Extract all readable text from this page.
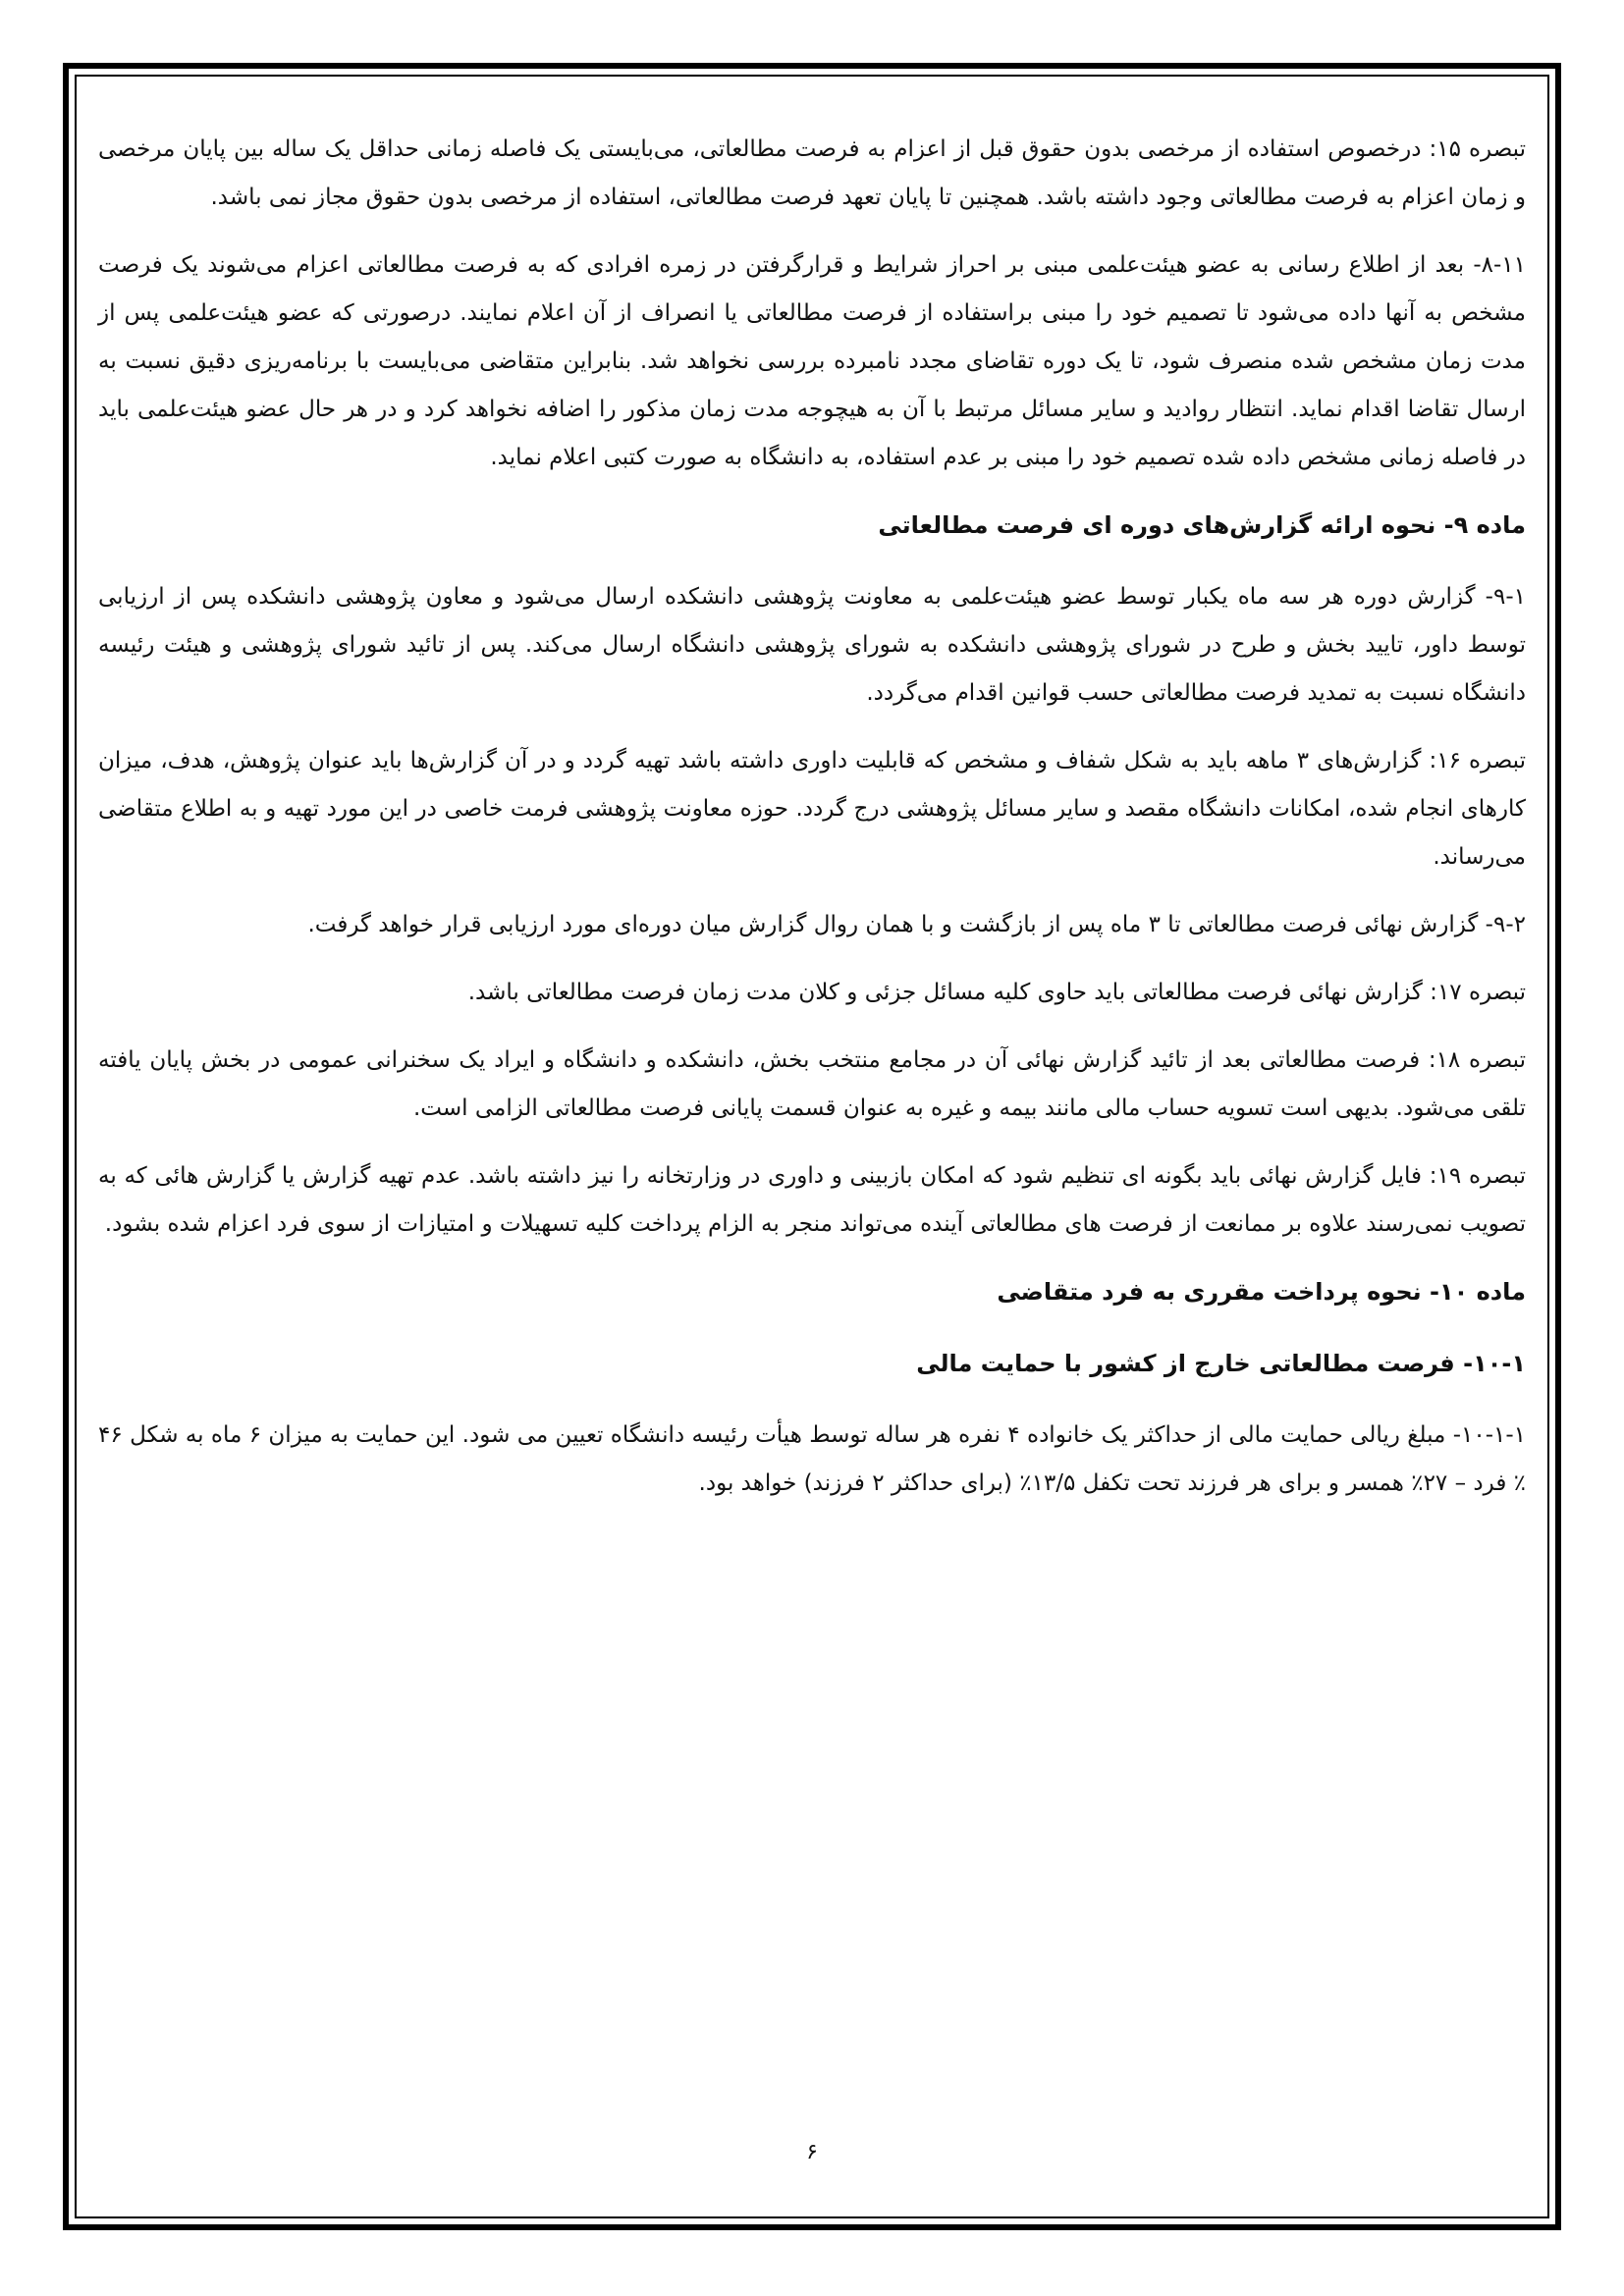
تبصره ۱۵: درخصوص استفاده از مرخصی بدون حقوق قبل از اعزام به فرصت مطالعاتی، می‌بایستی یک فاصله زمانی حداقل یک ساله بین پایان مرخصی و زمان اعزام به فرصت مطالعاتی وجود داشته باشد. همچنین تا پایان تعهد فرصت مطالعاتی، استفاده از مرخصی بدون حقوق مجاز نمی باشد.

۸-۱۱- بعد از اطلاع رسانی به عضو هیئت‌علمی مبنی بر احراز شرایط و قرارگرفتن در زمره افرادی که به فرصت مطالعاتی اعزام می‌شوند یک فرصت مشخص به آنها داده می‌شود تا تصمیم خود را مبنی براستفاده از فرصت مطالعاتی یا انصراف از آن اعلام نمایند. درصورتی که عضو هیئت‌علمی پس از مدت زمان مشخص شده منصرف شود، تا یک دوره تقاضای مجدد نامبرده بررسی نخواهد شد. بنابراین متقاضی می‌بایست با برنامه‌ریزی دقیق نسبت به ارسال تقاضا اقدام نماید. انتظار روادید و سایر مسائل مرتبط با آن به هیچوجه مدت زمان مذکور را اضافه نخواهد کرد و در هر حال عضو هیئت‌علمی باید در فاصله زمانی مشخص داده شده تصمیم خود را مبنی بر عدم استفاده، به دانشگاه به صورت کتبی اعلام نماید.

ماده ۹- نحوه ارائه گزارش‌های دوره ای فرصت مطالعاتی

۹-۱- گزارش دوره هر سه ماه یکبار توسط عضو هیئت‌علمی به معاونت پژوهشی دانشکده ارسال می‌شود و معاون پژوهشی دانشکده پس از ارزیابی توسط داور، تایید بخش و طرح در شورای پژوهشی دانشکده به شورای پژوهشی دانشگاه ارسال می‌کند. پس از تائید شورای پژوهشی و هیئت رئیسه دانشگاه نسبت به تمدید فرصت مطالعاتی حسب قوانین اقدام می‌گردد.

تبصره ۱۶: گزارش‌های ۳ ماهه باید به شکل شفاف و مشخص که قابلیت داوری داشته باشد تهیه گردد و در آن گزارش‌ها باید عنوان پژوهش، هدف، میزان کارهای انجام شده، امکانات دانشگاه مقصد و سایر مسائل پژوهشی درج گردد. حوزه معاونت پژوهشی فرمت خاصی در این مورد تهیه و به اطلاع متقاضی می‌رساند.

۹-۲- گزارش نهائی فرصت مطالعاتی تا ۳ ماه پس از بازگشت و با همان روال گزارش میان دوره‌ای مورد ارزیابی قرار خواهد گرفت.

تبصره ۱۷: گزارش نهائی فرصت مطالعاتی باید حاوی کلیه مسائل جزئی و کلان مدت زمان فرصت مطالعاتی باشد.

تبصره ۱۸: فرصت مطالعاتی بعد از تائید گزارش نهائی آن در مجامع منتخب بخش، دانشکده و دانشگاه و ایراد یک سخنرانی عمومی در بخش پایان یافته تلقی می‌شود. بدیهی است تسویه حساب مالی مانند بیمه و غیره به عنوان قسمت پایانی فرصت مطالعاتی الزامی است.

تبصره ۱۹: فایل گزارش نهائی باید بگونه ای تنظیم شود که امکان بازبینی و داوری در وزارتخانه را نیز داشته باشد. عدم تهیه گزارش یا گزارش هائی که به تصویب نمی‌رسند علاوه بر ممانعت از فرصت های مطالعاتی آینده می‌تواند منجر به الزام پرداخت کلیه تسهیلات و امتیازات از سوی فرد اعزام شده بشود.

ماده ۱۰- نحوه پرداخت مقرری به فرد متقاضی
۱۰-۱- فرصت مطالعاتی خارج از کشور با حمایت مالی

۱۰-۱-۱- مبلغ ریالی حمایت مالی از حداکثر یک خانواده ۴ نفره هر ساله توسط هیأت رئیسه دانشگاه تعیین می شود. این حمایت به میزان ۶ ماه به شکل ۴۶ ٪ فرد – ۲۷٪ همسر و برای هر فرزند تحت تکفل ۱۳/۵٪ (برای حداکثر ۲ فرزند) خواهد بود.

۶
